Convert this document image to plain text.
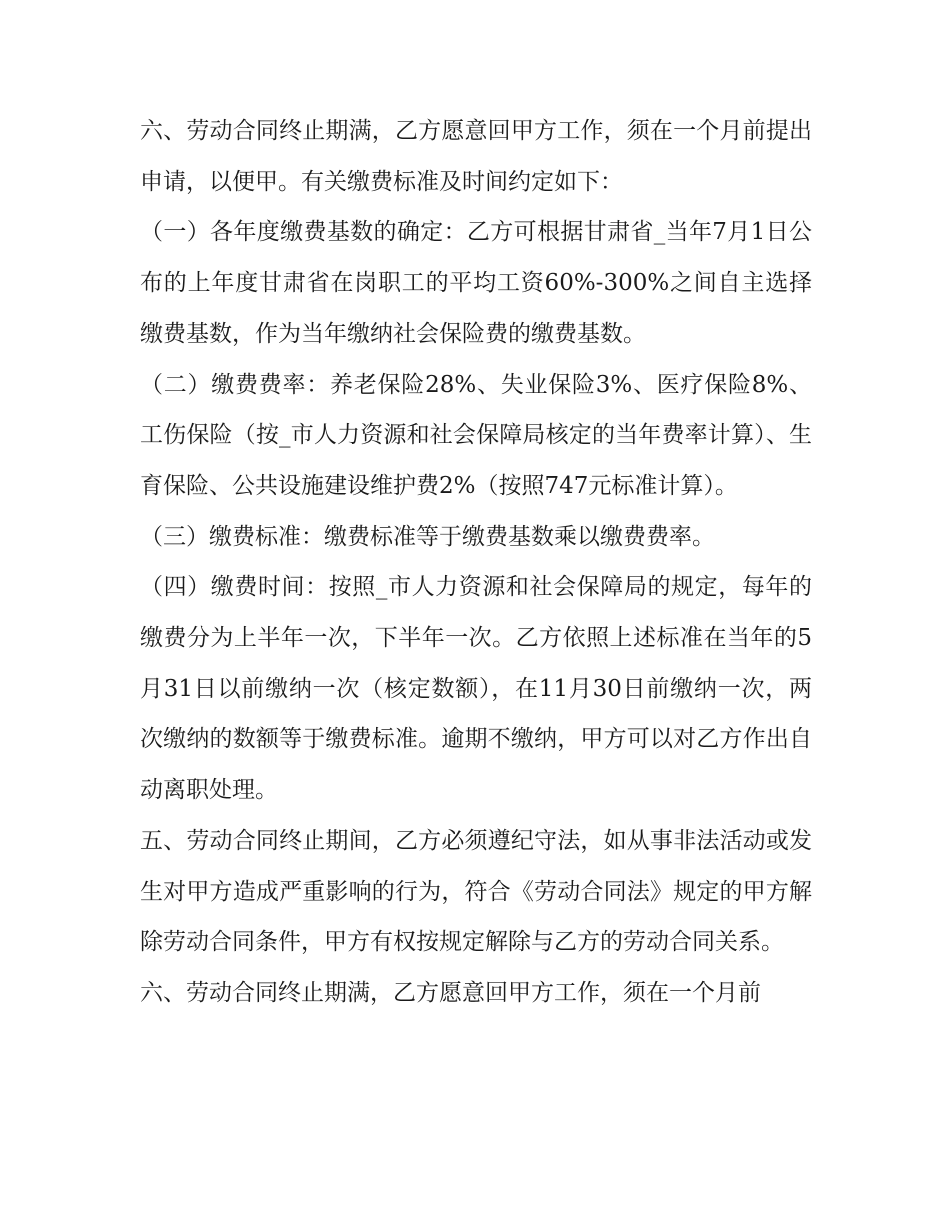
六、劳动合同终止期满，乙方愿意回甲方工作，须在一个月前提出申请，以便甲。有关缴费标准及时间约定如下：

（一）各年度缴费基数的确定：乙方可根据甘肃省_当年7月1日公布的上年度甘肃省在岗职工的平均工资60%-300%之间自主选择缴费基数，作为当年缴纳社会保险费的缴费基数。

（二）缴费费率：养老保险28%、失业保险3%、医疗保险8%、工伤保险（按_市人力资源和社会保障局核定的当年费率计算）、生育保险、公共设施建设维护费2%（按照747元标准计算）。

（三）缴费标准：缴费标准等于缴费基数乘以缴费费率。

（四）缴费时间：按照_市人力资源和社会保障局的规定，每年的缴费分为上半年一次，下半年一次。乙方依照上述标准在当年的5月31日以前缴纳一次（核定数额），在11月30日前缴纳一次，两次缴纳的数额等于缴费标准。逾期不缴纳，甲方可以对乙方作出自动离职处理。

五、劳动合同终止期间，乙方必须遵纪守法，如从事非法活动或发生对甲方造成严重影响的行为，符合《劳动合同法》规定的甲方解除劳动合同条件，甲方有权按规定解除与乙方的劳动合同关系。

六、劳动合同终止期满，乙方愿意回甲方工作，须在一个月前
